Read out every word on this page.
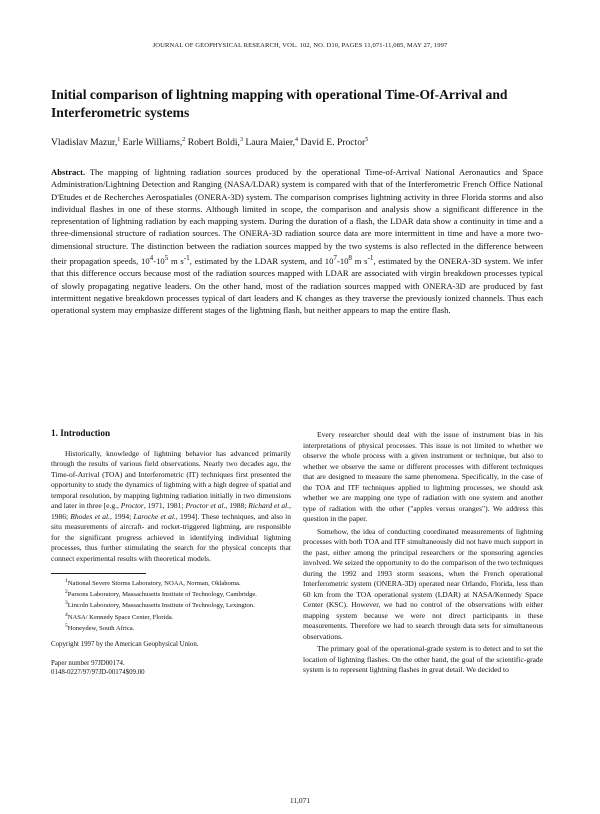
JOURNAL OF GEOPHYSICAL RESEARCH, VOL. 102, NO. D10, PAGES 11,071-11,085, MAY 27, 1997
Initial comparison of lightning mapping with operational Time-Of-Arrival and Interferometric systems
Vladislav Mazur,$^1$ Earle Williams,$^2$ Robert Boldi,$^3$ Laura Maier,$^4$ David E. Proctor$^5$
Abstract. The mapping of lightning radiation sources produced by the operational Time-of-Arrival National Aeronautics and Space Administration/Lightning Detection and Ranging (NASA/LDAR) system is compared with that of the Interferometric French Office National D'Etudes et de Recherches Aerospatiales (ONERA-3D) system. The comparison comprises lightning activity in three Florida storms and also individual flashes in one of these storms. Although limited in scope, the comparison and analysis show a significant difference in the representation of lightning radiation by each mapping system. During the duration of a flash, the LDAR data show a continuity in time and a three-dimensional structure of radiation sources. The ONERA-3D radiation source data are more intermittent in time and have a more two-dimensional structure. The distinction between the radiation sources mapped by the two systems is also reflected in the difference between their propagation speeds, $10^4-10^5$ m $s^{-1}$, estimated by the LDAR system, and $10^7-10^8$ m $s^{-1}$, estimated by the ONERA-3D system. We infer that this difference occurs because most of the radiation sources mapped with LDAR are associated with virgin breakdown processes typical of slowly propagating negative leaders. On the other hand, most of the radiation sources mapped with ONERA-3D are produced by fast intermittent negative breakdown processes typical of dart leaders and K changes as they traverse the previously ionized channels. Thus each operational system may emphasize different stages of the lightning flash, but neither appears to map the entire flash.
1. Introduction

Historically, knowledge of lightning behavior has advanced primarily through the results of various field observations. Nearly two decades ago, the Time-of-Arrival (TOA) and Interferometric (IT) techniques first presented the opportunity to study the dynamics of lightning with a high degree of spatial and temporal resolution, by mapping lightning radiation initially in two dimensions and later in three [e.g., Proctor, 1971, 1981; Proctor et al., 1988; Richard et al., 1986; Rhodes et al., 1994; Laroche et al., 1994]. These techniques, and also in situ measurements of aircraft- and rocket-triggered lightning, are responsible for the significant progress achieved in identifying individual lightning processes, thus further stimulating the search for the physical concepts that connect experimental results with theoretical models.

$^1$National Severe Storms Laboratory, NOAA, Norman, Oklahoma.

$^2$Parsons Laboratory, Massachusetts Institute of Technology, Cambridge.

$^3$Lincoln Laboratory, Massachusetts Institute of Technology, Lexington.

$^4$NASA/ Kennedy Space Center, Florida.

$^5$Honeydew, South Africa.

Copyright 1997 by the American Geophysical Union.
Paper number 97JD00174.
0148-0227/97/97JD-00174$09.00

Every researcher should deal with the issue of instrument bias in his interpretations of physical processes. This issue is not limited to whether we observe the whole process with a given instrument or technique, but also to whether we observe the same or different processes with different techniques that are designed to measure the same phenomena. Specifically, in the case of the TOA and ITF techniques applied to lightning processes, we should ask whether we are mapping one type of radiation with one system and another type of radiation with the other ("apples versus oranges"). We address this question in the paper.

Somehow, the idea of conducting coordinated measurements of lightning processes with both TOA and ITF simultaneously did not have much support in the past, either among the principal researchers or the sponsoring agencies involved. We seized the opportunity to do the comparison of the two techniques during the 1992 and 1993 storm seasons, when the French operational Interferometric system (ONERA-3D) operated near Orlando, Florida, less than 60 km from the TOA operational system (LDAR) at NASA/Kennedy Space Center (KSC). However, we had no control of the observations with either mapping system because we were not direct participants in these measurements. Therefore we had to search through data sets for simultaneous observations.

The primary goal of the operational-grade system is to detect and to set the location of lightning flashes. On the other hand, the goal of the scientific-grade system is to represent lightning flashes in great detail. We decided to

11,071
